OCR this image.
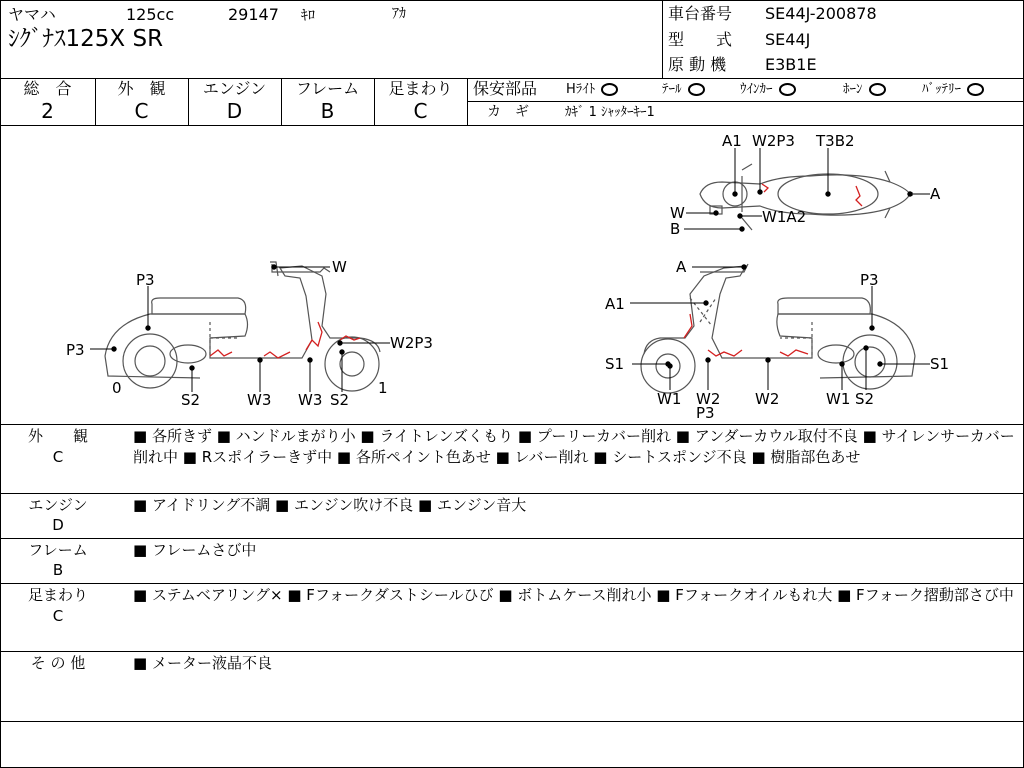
ヤマハ	125cc	29147 ｷﾛ	ｱｶ
ｼｸﾞﾅｽ125X SR
車台番号 SE44J-200878
型　　式 SE44J
原 動 機 E3B1E
総　合
2
外　観
C
エンジン
D
フレーム
B
足まわり
C
保安部品 Hﾗｲﾄ	ﾃｰﾙ	ｳｲﾝｶｰ	ﾎｰﾝ	ﾊﾞｯﾃﾘｰ
カ　ギ	ｶｷﾞ 1 ｼｬｯﾀｰｷｰ1
A1 W2P3 T3B2
A
W	W1A2
B
P3
W
P3	W2P3
0	1
S2	W3 W3 S2
A
P3
A1
S1	S1
W1 W2
P3
W2	W1 S2
外　　観
C
■ 各所きず ■ ハンドルまがり小 ■ ライトレンズくもり ■ プーリーカバー削れ ■ アンダーカウル取付不良 ■ サイレンサーカバー削れ中 ■ Rスポイラーきず中 ■ 各所ペイント色あせ ■ レバー削れ ■ シートスポンジ不良 ■ 樹脂部色あせ
エンジン
D
■ アイドリング不調 ■ エンジン吹け不良 ■ エンジン音大
フレーム
B
■ フレームさび中
足まわり
C
■ ステムベアリング× ■ Fフォークダストシールひび ■ ボトムケース削れ小 ■ Fフォークオイルもれ大 ■ Fフォーク摺動部さび中
そ の 他	■ メーター液晶不良
